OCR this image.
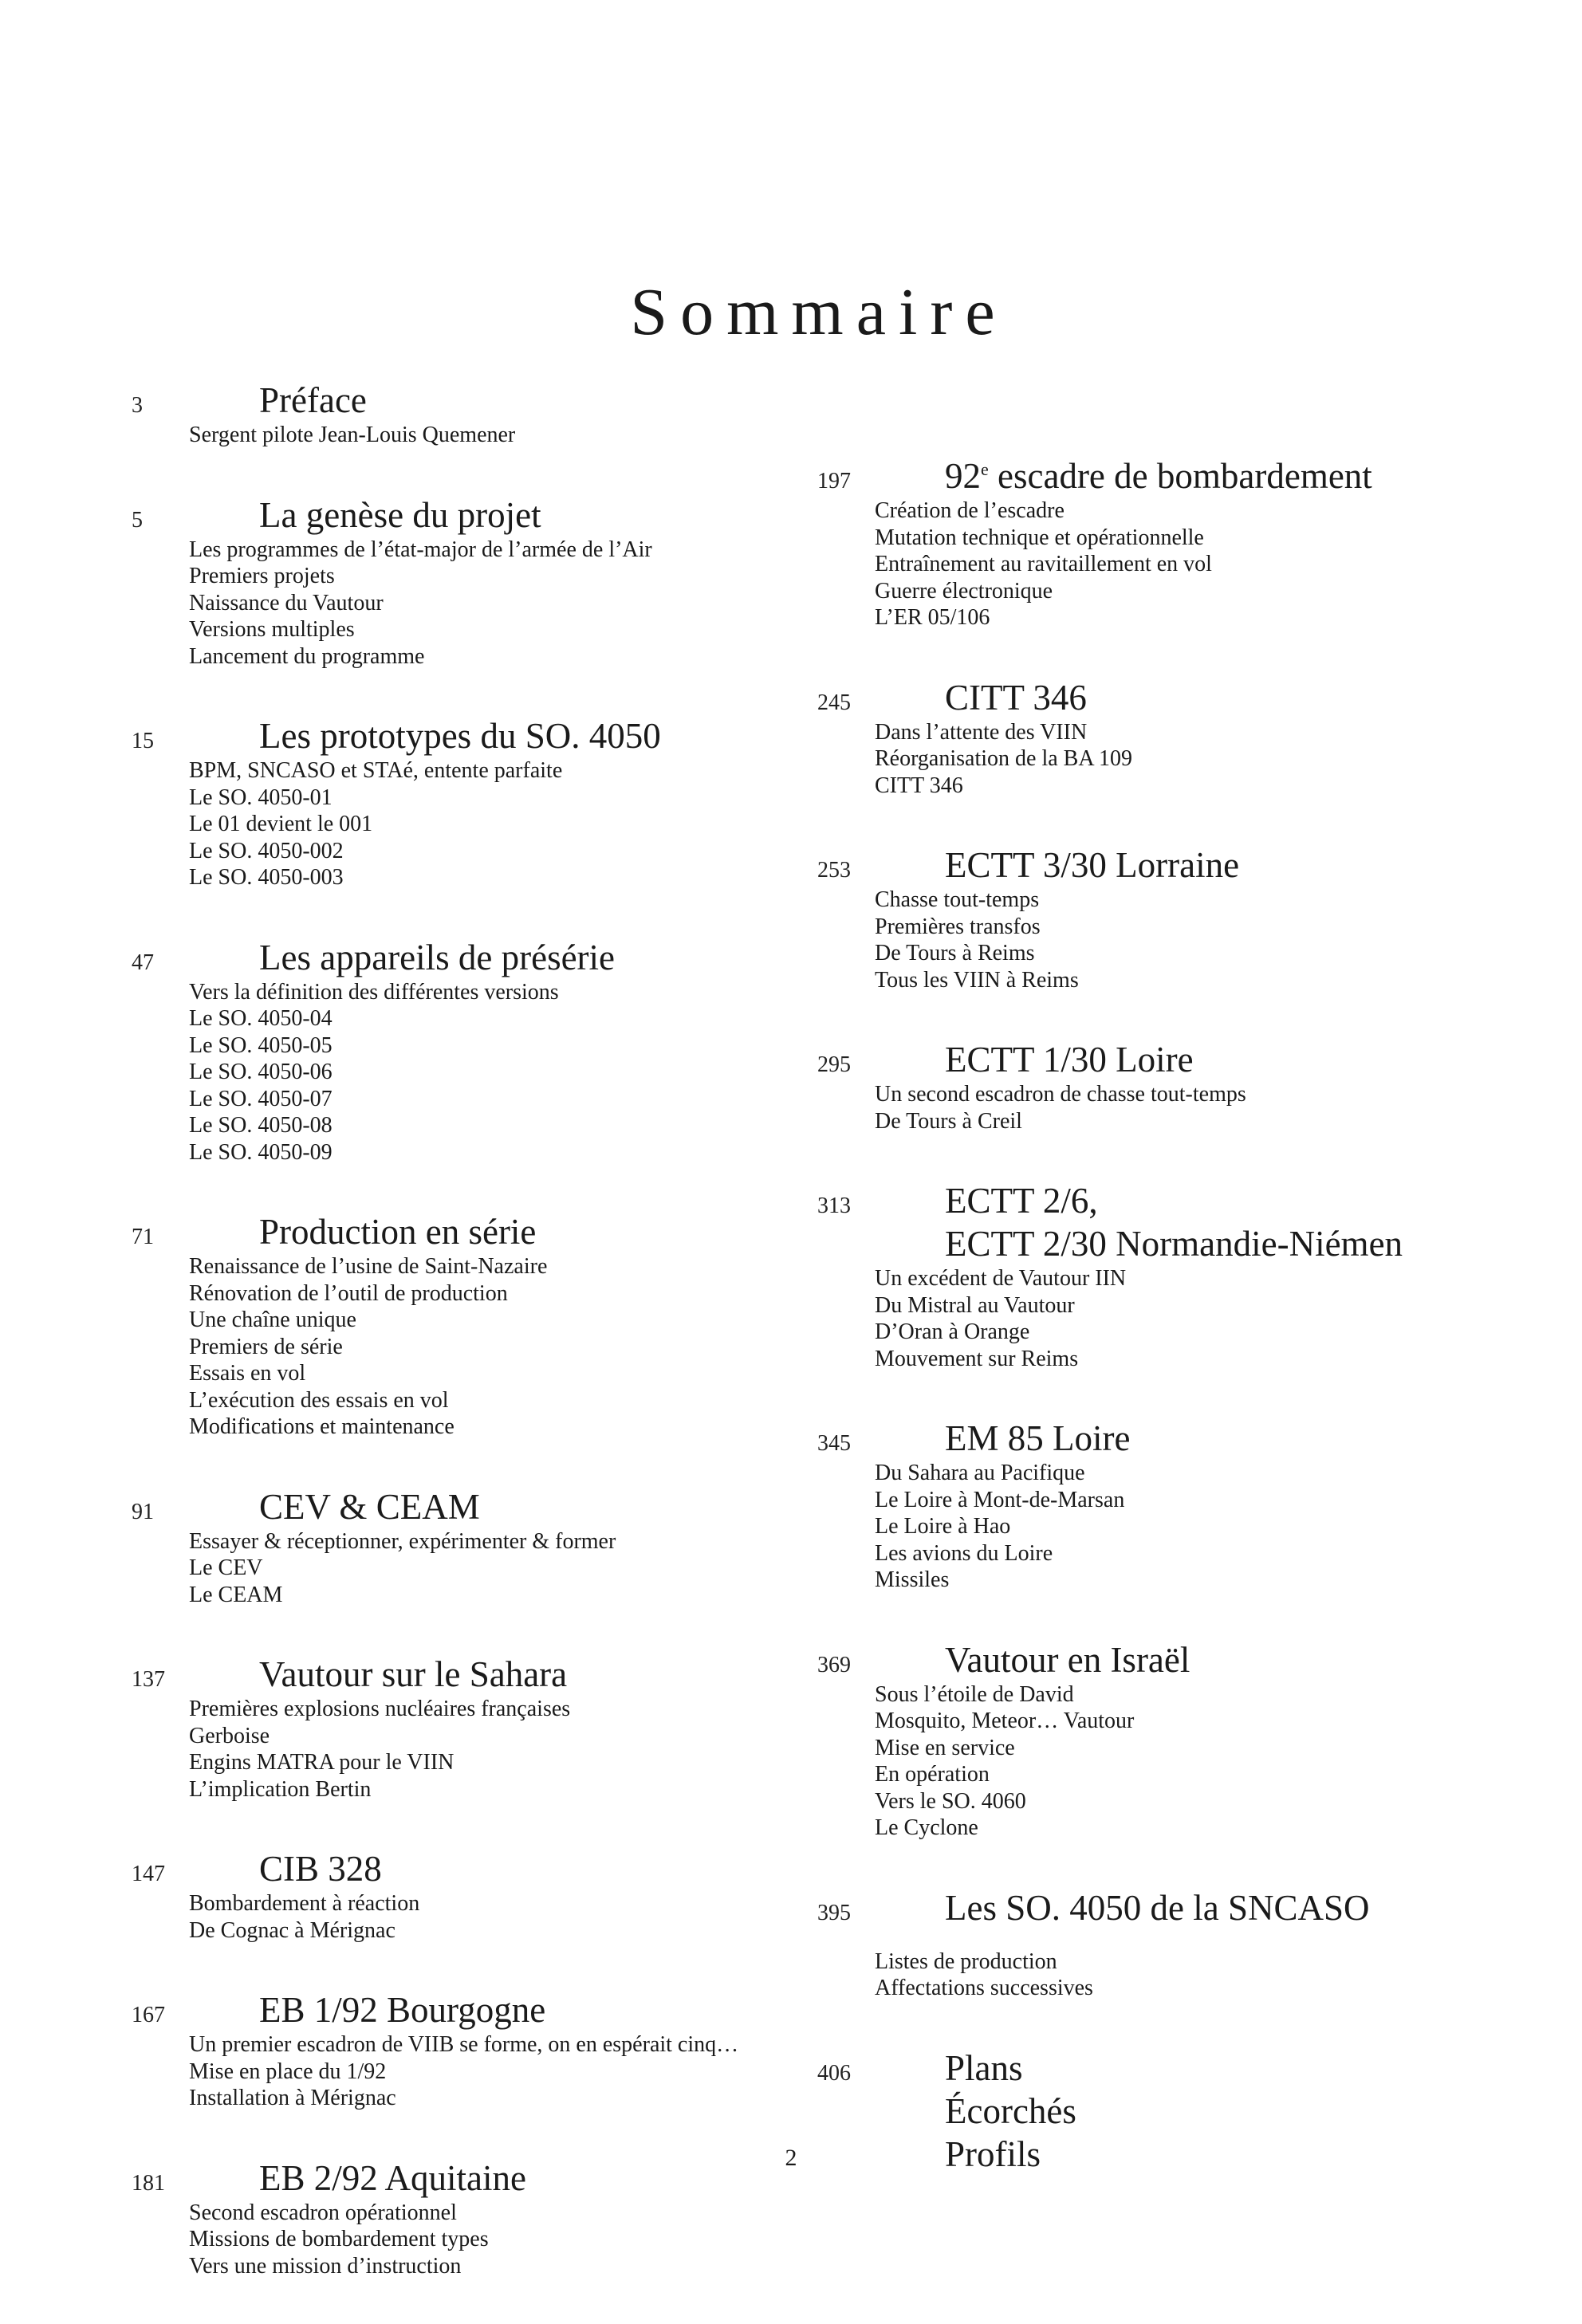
Sommaire
3	Préface
Sergent pilote Jean-Louis Quemener
5	La genèse du projet
Les programmes de l’état-major de l’armée de l’Air
Premiers projets
Naissance du Vautour
Versions multiples
Lancement du programme
15	Les prototypes du SO. 4050
BPM, SNCASO et STAé, entente parfaite
Le SO. 4050-01
Le 01 devient le 001
Le SO. 4050-002
Le SO. 4050-003
47	Les appareils de présérie
Vers la définition des différentes versions
Le SO. 4050-04
Le SO. 4050-05
Le SO. 4050-06
Le SO. 4050-07
Le SO. 4050-08
Le SO. 4050-09
71	Production en série
Renaissance de l’usine de Saint-Nazaire
Rénovation de l’outil de production
Une chaîne unique
Premiers de série
Essais en vol
L’exécution des essais en vol
Modifications et maintenance
91	CEV & CEAM
Essayer & réceptionner, expérimenter & former
Le CEV
Le CEAM
137	Vautour sur le Sahara
Premières explosions nucléaires françaises
Gerboise
Engins MATRA pour le VIIN
L’implication Bertin
147	CIB 328
Bombardement à réaction
De Cognac à Mérignac
167	EB 1/92 Bourgogne
Un premier escadron de VIIB se forme, on en espérait cinq…
Mise en place du 1/92
Installation à Mérignac
181	EB 2/92 Aquitaine
Second escadron opérationnel
Missions de bombardement types
Vers une mission d’instruction
197	92e escadre de bombardement
Création de l’escadre
Mutation technique et opérationnelle
Entraînement au ravitaillement en vol
Guerre électronique
L’ER 05/106
245	CITT 346
Dans l’attente des VIIN
Réorganisation de la BA 109
CITT 346
253	ECTT 3/30 Lorraine
Chasse tout-temps
Premières transfos
De Tours à Reims
Tous les VIIN à Reims
295	ECTT 1/30 Loire
Un second escadron de chasse tout-temps
De Tours à Creil
313	ECTT 2/6,
ECTT 2/30 Normandie-Niémen
Un excédent de Vautour IIN
Du Mistral au Vautour
D’Oran à Orange
Mouvement sur Reims
345	EM 85 Loire
Du Sahara au Pacifique
Le Loire à Mont-de-Marsan
Le Loire à Hao
Les avions du Loire
Missiles
369	Vautour en Israël
Sous l’étoile de David
Mosquito, Meteor… Vautour
Mise en service
En opération
Vers le SO. 4060
Le Cyclone
395	Les SO. 4050 de la SNCASO
Listes de production
Affectations successives
406	Plans
Écorchés
Profils
2
